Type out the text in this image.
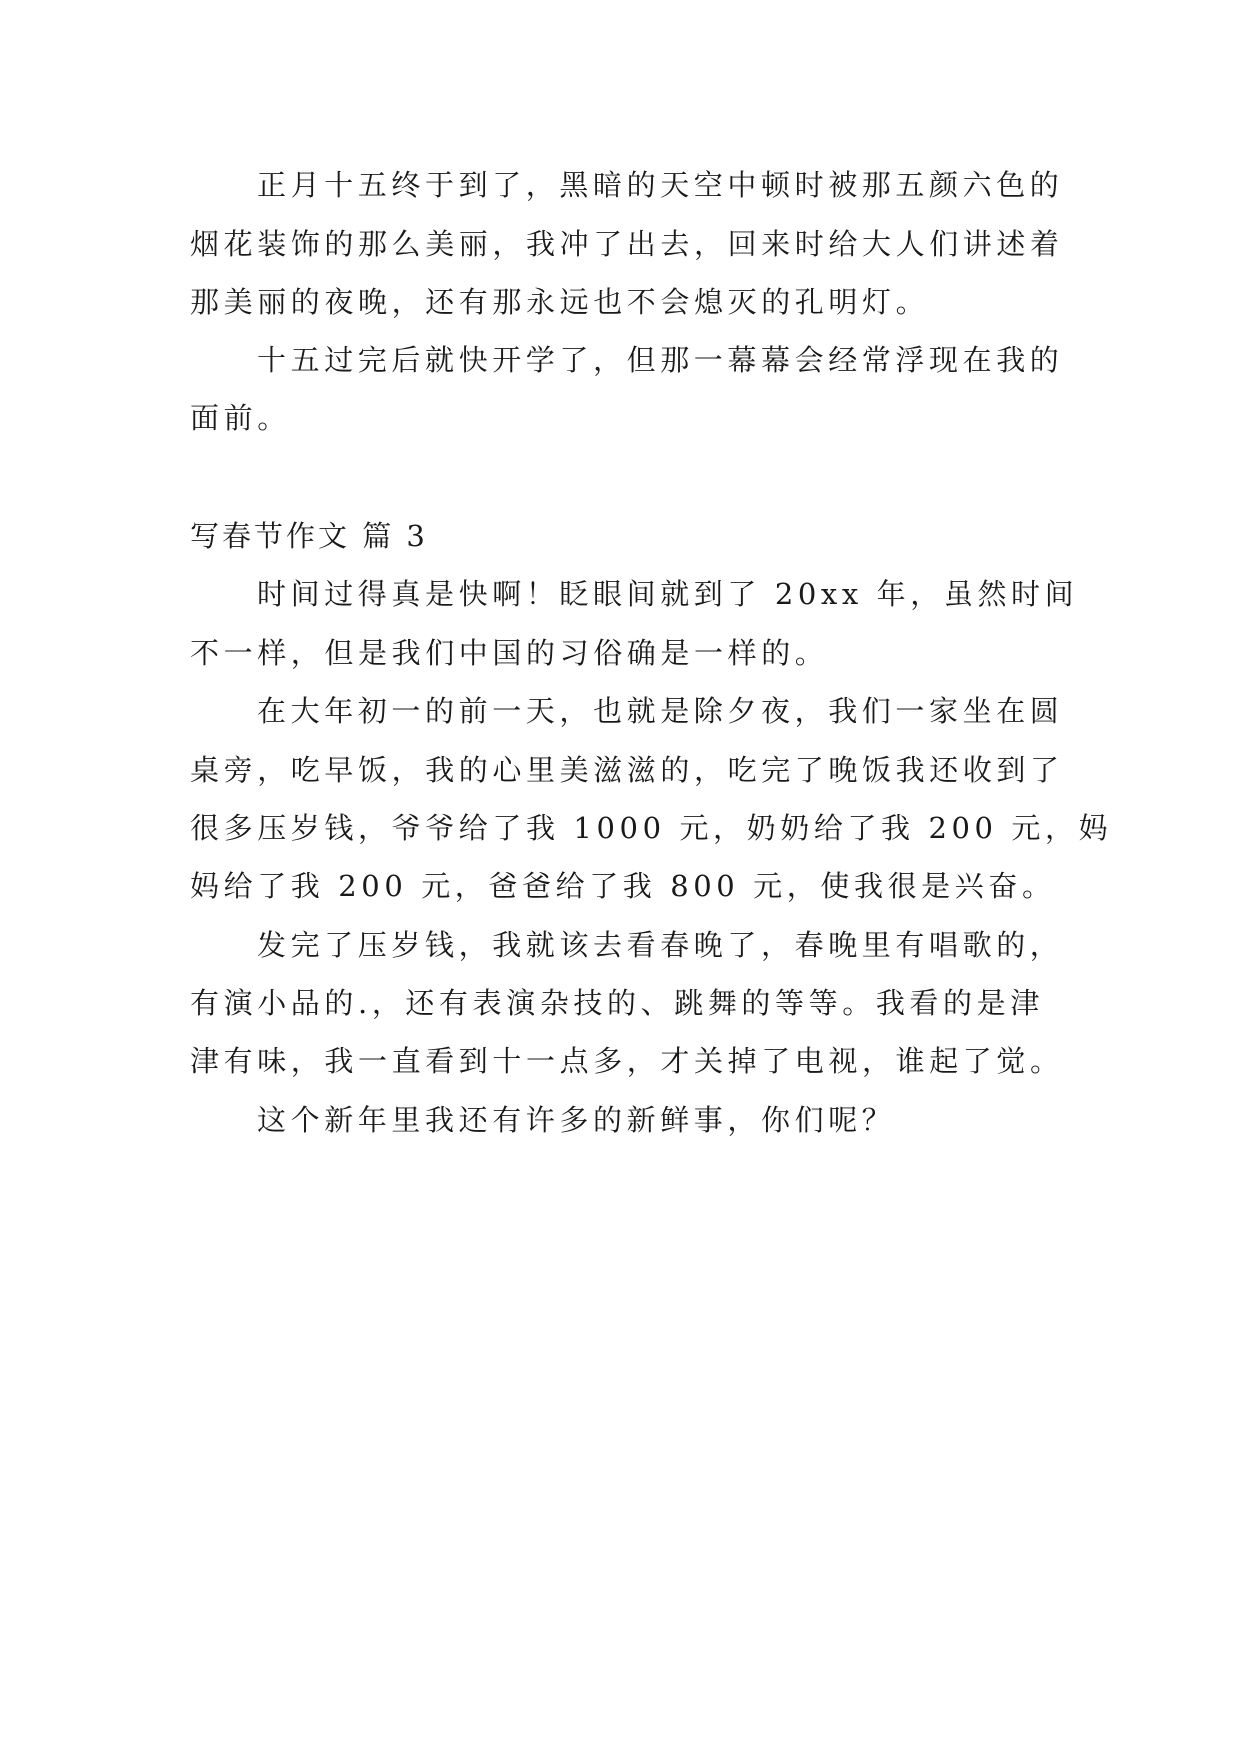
正月十五终于到了，黑暗的天空中顿时被那五颜六色的
烟花装饰的那么美丽，我冲了出去，回来时给大人们讲述着
那美丽的夜晚，还有那永远也不会熄灭的孔明灯。
十五过完后就快开学了，但那一幕幕会经常浮现在我的
面前。
写春节作文 篇 3
时间过得真是快啊！眨眼间就到了 20xx 年，虽然时间
不一样，但是我们中国的习俗确是一样的。
在大年初一的前一天，也就是除夕夜，我们一家坐在圆
桌旁，吃早饭，我的心里美滋滋的，吃完了晚饭我还收到了
很多压岁钱，爷爷给了我 1000 元，奶奶给了我 200 元，妈
妈给了我 200 元，爸爸给了我 800 元，使我很是兴奋。
发完了压岁钱，我就该去看春晚了，春晚里有唱歌的，
有演小品的.，还有表演杂技的、跳舞的等等。我看的是津
津有味，我一直看到十一点多，才关掉了电视，谁起了觉。
这个新年里我还有许多的新鲜事，你们呢？
